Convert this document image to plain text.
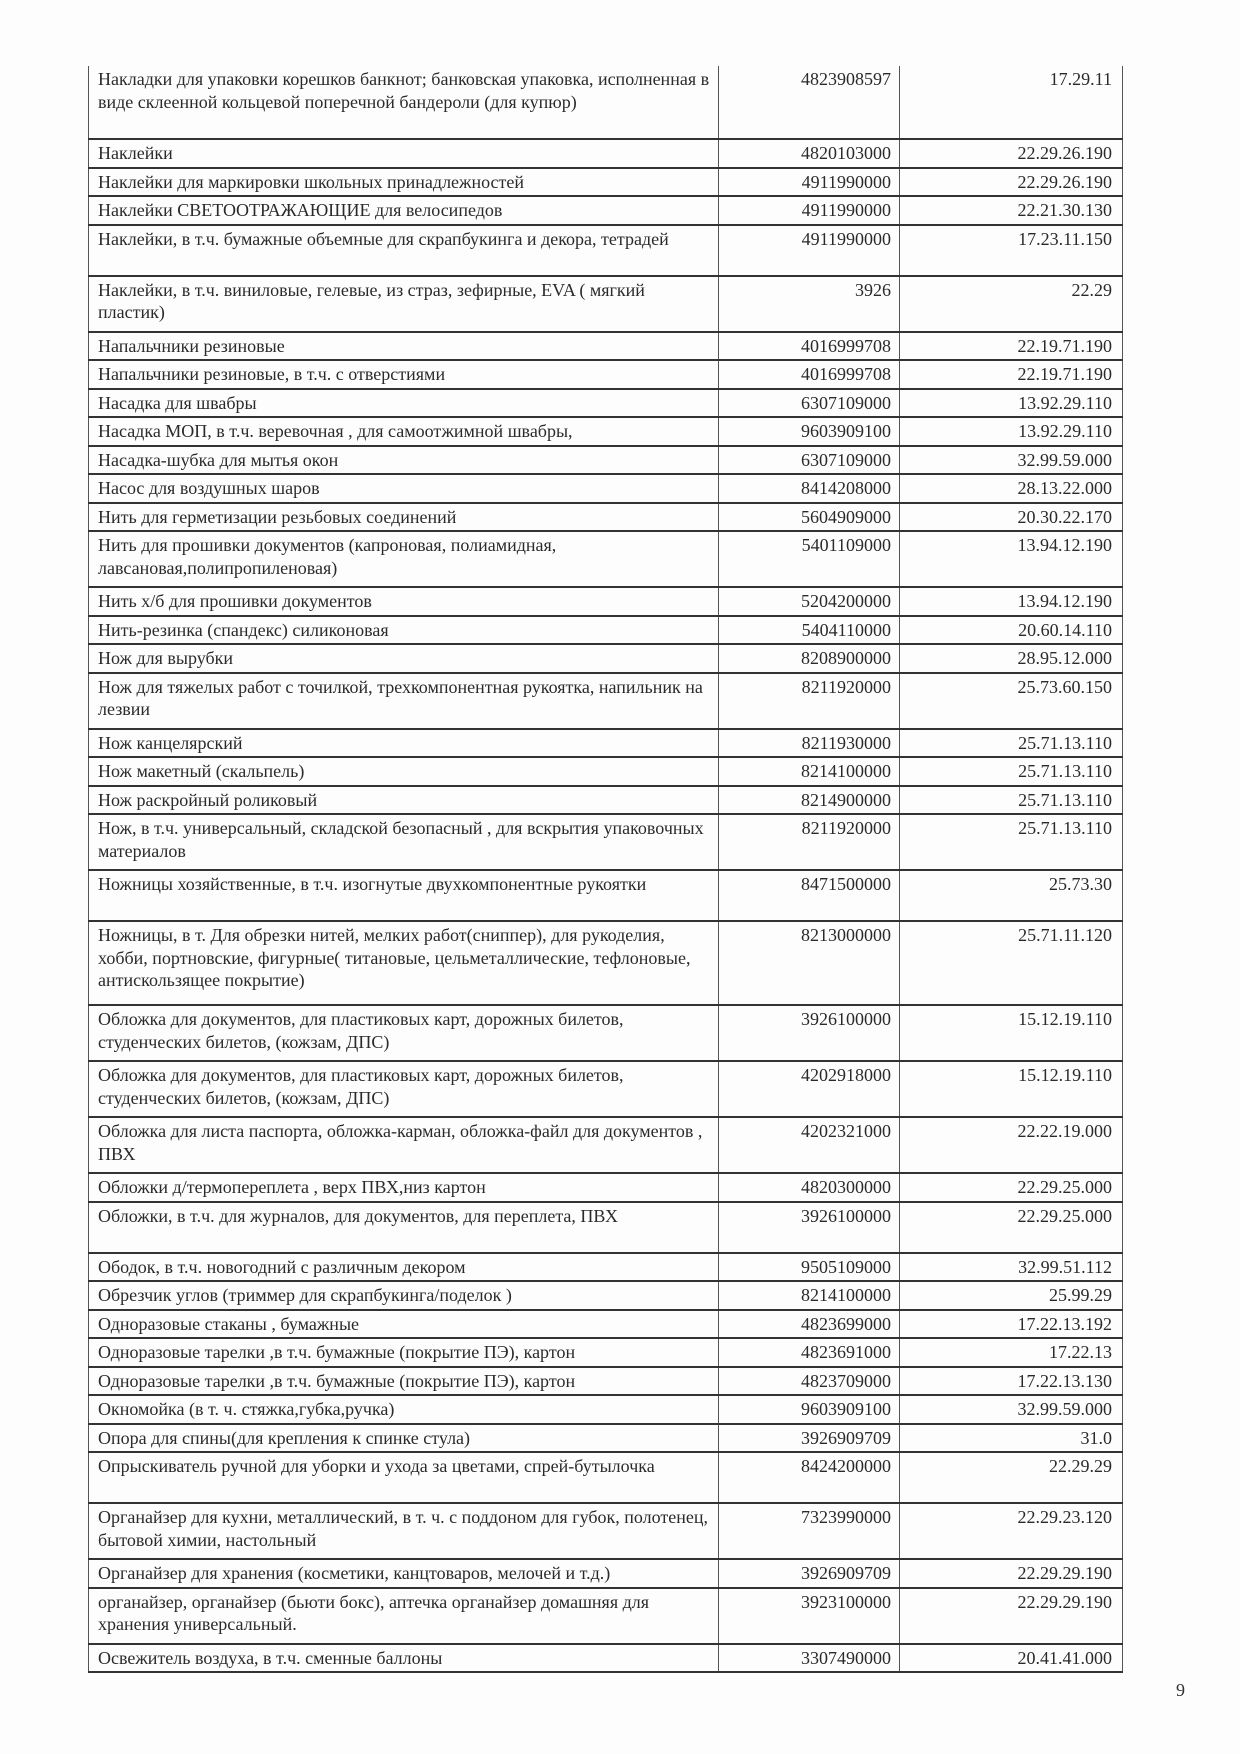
Накладки для упаковки корешков банкнот; банковская упаковка, исполненная в виде склеенной кольцевой поперечной бандероли (для купюр)	4823908597	17.29.11
Наклейки	4820103000	22.29.26.190
Наклейки для маркировки школьных принадлежностей	4911990000	22.29.26.190
Наклейки СВЕТООТРАЖАЮЩИЕ для велосипедов	4911990000	22.21.30.130
Наклейки, в т.ч. бумажные объемные для скрапбукинга и декора, тетрадей	4911990000	17.23.11.150
Наклейки, в т.ч. виниловые, гелевые, из страз, зефирные, EVA ( мягкий пластик)	3926	22.29
Напальчники резиновые	4016999708	22.19.71.190
Напальчники резиновые, в т.ч. с отверстиями	4016999708	22.19.71.190
Насадка для швабры	6307109000	13.92.29.110
Насадка МОП, в т.ч. веревочная , для самоотжимной швабры,	9603909100	13.92.29.110
Насадка-шубка для мытья окон	6307109000	32.99.59.000
Насос для воздушных шаров	8414208000	28.13.22.000
Нить для герметизации резьбовых соединений	5604909000	20.30.22.170
Нить для прошивки документов (капроновая, полиамидная, лавсановая,полипропиленовая)	5401109000	13.94.12.190
Нить х/б для прошивки документов	5204200000	13.94.12.190
Нить-резинка (спандекс) силиконовая	5404110000	20.60.14.110
Нож для вырубки	8208900000	28.95.12.000
Нож для тяжелых работ с точилкой, трехкомпонентная рукоятка, напильник на лезвии	8211920000	25.73.60.150
Нож канцелярский	8211930000	25.71.13.110
Нож макетный (скальпель)	8214100000	25.71.13.110
Нож раскройный роликовый	8214900000	25.71.13.110
Нож, в т.ч. универсальный, складской безопасный , для вскрытия упаковочных материалов	8211920000	25.71.13.110
Ножницы хозяйственные, в т.ч. изогнутые двухкомпонентные рукоятки	8471500000	25.73.30
Ножницы, в т. Для обрезки нитей, мелких работ(сниппер), для рукоделия, хобби, портновские, фигурные( титановые, цельметаллические, тефлоновые, антискользящее покрытие)	8213000000	25.71.11.120
Обложка для документов, для пластиковых карт, дорожных билетов, студенческих билетов, (кожзам, ДПС)	3926100000	15.12.19.110
Обложка для документов, для пластиковых карт, дорожных билетов, студенческих билетов, (кожзам, ДПС)	4202918000	15.12.19.110
Обложка для листа паспорта, обложка-карман, обложка-файл для документов , ПВХ	4202321000	22.22.19.000
Обложки д/термопереплета , верх ПВХ,низ картон	4820300000	22.29.25.000
Обложки, в т.ч. для журналов, для документов, для переплета, ПВХ	3926100000	22.29.25.000
Ободок, в т.ч. новогодний с различным декором	9505109000	32.99.51.112
Обрезчик углов (триммер для скрапбукинга/поделок )	8214100000	25.99.29
Одноразовые стаканы , бумажные	4823699000	17.22.13.192
Одноразовые тарелки ,в т.ч. бумажные (покрытие ПЭ), картон	4823691000	17.22.13
Одноразовые тарелки ,в т.ч. бумажные (покрытие ПЭ), картон	4823709000	17.22.13.130
Окномойка (в т. ч. стяжка,губка,ручка)	9603909100	32.99.59.000
Опора для спины(для крепления к спинке стула)	3926909709	31.0
Опрыскиватель ручной для уборки и ухода за цветами, спрей-бутылочка	8424200000	22.29.29
Органайзер для кухни, металлический, в т. ч. с поддоном для губок, полотенец, бытовой химии, настольный	7323990000	22.29.23.120
Органайзер для хранения (косметики, канцтоваров, мелочей и т.д.)	3926909709	22.29.29.190
органайзер, органайзер (бьюти бокс), аптечка органайзер домашняя для хранения универсальный.	3923100000	22.29.29.190
Освежитель воздуха, в т.ч. сменные баллоны	3307490000	20.41.41.000
9
